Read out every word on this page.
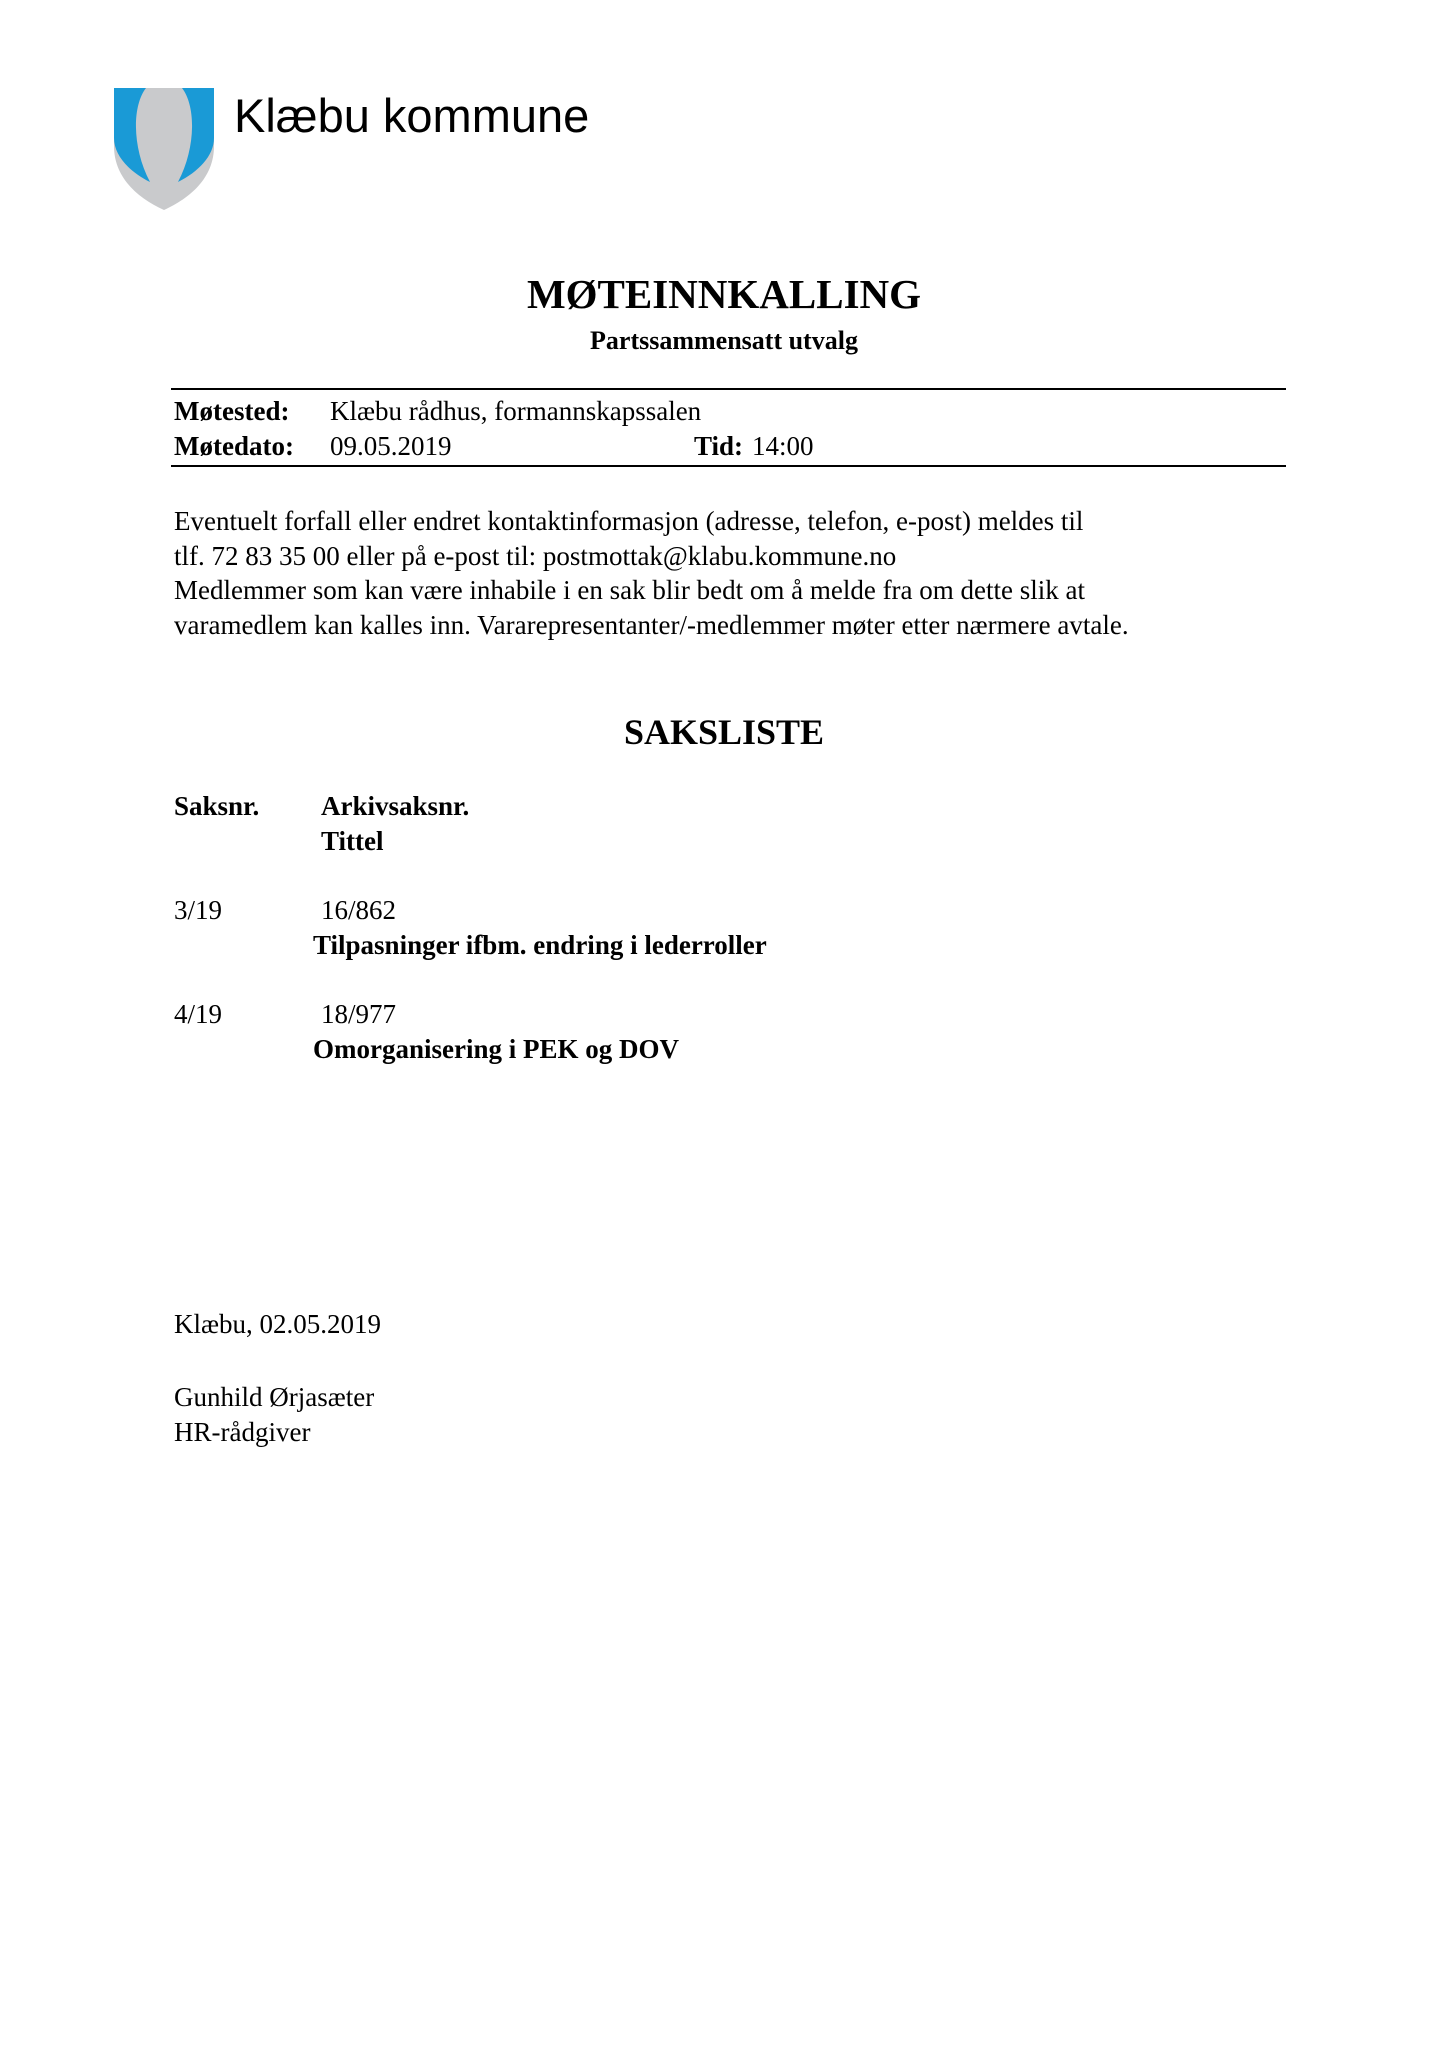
Klæbu kommune
MØTEINNKALLING
Partssammensatt utvalg
Møtested: Klæbu rådhus, formannskapssalen
Møtedato: 09.05.2019	Tid: 14:00

Eventuelt forfall eller endret kontaktinformasjon (adresse, telefon, e-post) meldes til

tlf. 72 83 35 00 eller på e-post til: postmottak@klabu.kommune.no

Medlemmer som kan være inhabile i en sak blir bedt om å melde fra om dette slik at

varamedlem kan kalles inn. Vararepresentanter/-medlemmer møter etter nærmere avtale.

SAKSLISTE
Saksnr. Arkivsaksnr.
Tittel
3/19	16/862
Tilpasninger ifbm. endring i lederroller
4/19	18/977
Omorganisering i PEK og DOV
Klæbu, 02.05.2019
Gunhild Ørjasæter
HR-rådgiver
